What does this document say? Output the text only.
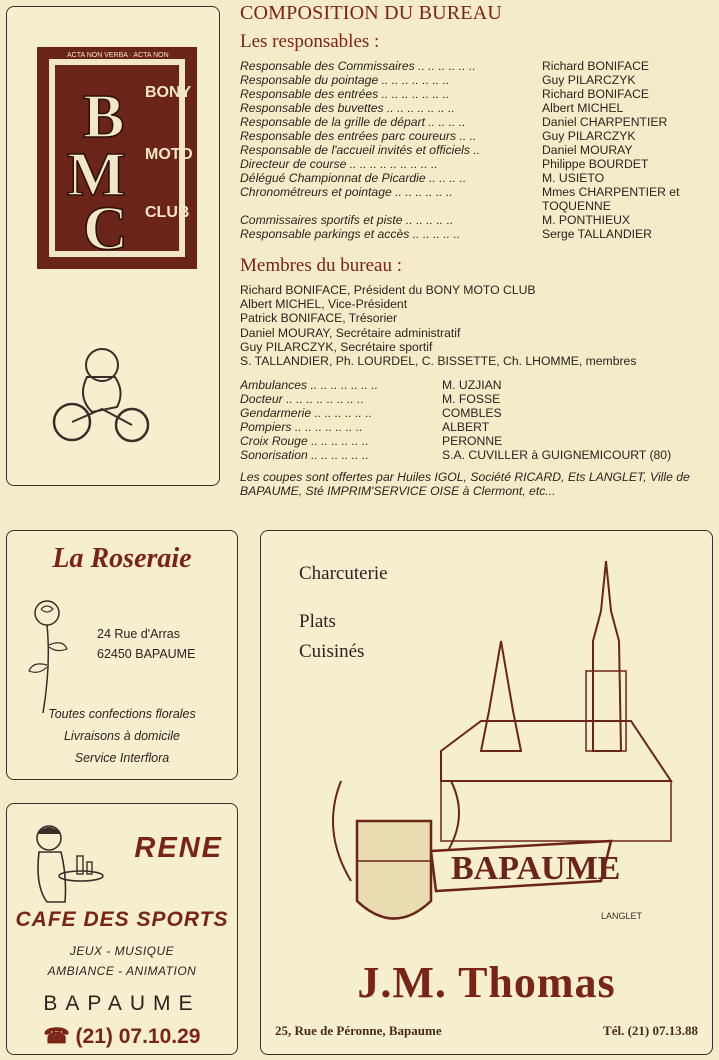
B
M
C
BONY
MOTO
CLUB
ACTA NON VERBA · ACTA NON
COMPOSITION DU BUREAU
Les responsables :
Responsable des Commissaires .. .. .. .. .. ..	Richard BONIFACE
Responsable du pointage .. .. .. .. .. .. ..	Guy PILARCZYK
Responsable des entrées .. .. .. .. .. .. ..	Richard BONIFACE
Responsable des buvettes .. .. .. .. .. .. ..	Albert MICHEL
Responsable de la grille de départ .. .. .. ..	Daniel CHARPENTIER
Responsable des entrées parc coureurs .. ..	Guy PILARCZYK
Responsable de l'accueil invités et officiels ..	Daniel MOURAY
Directeur de course .. .. .. .. .. .. .. .. ..	Philippe BOURDET
Délégué Championnat de Picardie .. .. .. ..	M. USIETO
Chronométreurs et pointage .. .. .. .. .. ..	Mmes CHARPENTIER et TOQUENNE
Commissaires sportifs et piste .. .. .. .. ..	M. PONTHIEUX
Responsable parkings et accès .. .. .. .. ..	Serge TALLANDIER
Membres du bureau :
Richard BONIFACE, Président du BONY MOTO CLUB
Albert MICHEL, Vice-Président
Patrick BONIFACE, Trésorier
Daniel MOURAY, Secrétaire administratif
Guy PILARCZYK, Secrétaire sportif
S. TALLANDIER, Ph. LOURDEL, C. BISSETTE, Ch. LHOMME, membres
Ambulances .. .. .. .. .. .. ..	M. UZJIAN
Docteur .. .. .. .. .. .. .. ..	M. FOSSE
Gendarmerie .. .. .. .. .. ..	COMBLES
Pompiers .. .. .. .. .. .. ..	ALBERT
Croix Rouge .. .. .. .. .. ..	PERONNE
Sonorisation .. .. .. .. .. ..	S.A. CUVILLER à GUIGNEMICOURT (80)
Les coupes sont offertes par Huiles IGOL, Société RICARD, Ets LANGLET, Ville de BAPAUME, Sté IMPRIM'SERVICE OISE à Clermont, etc...
La Roseraie
24 Rue d'Arras
62450 BAPAUME
Toutes confections florales
Livraisons à domicile
Service Interflora
RENE
CAFE DES SPORTS
JEUX - MUSIQUE
AMBIANCE - ANIMATION
BAPAUME
☎ (21) 07.10.29
BAPAUME
LANGLET
Charcuterie
Plats
Cuisinés
J.M. Thomas
25, Rue de Péronne, Bapaume	Tél. (21) 07.13.88
